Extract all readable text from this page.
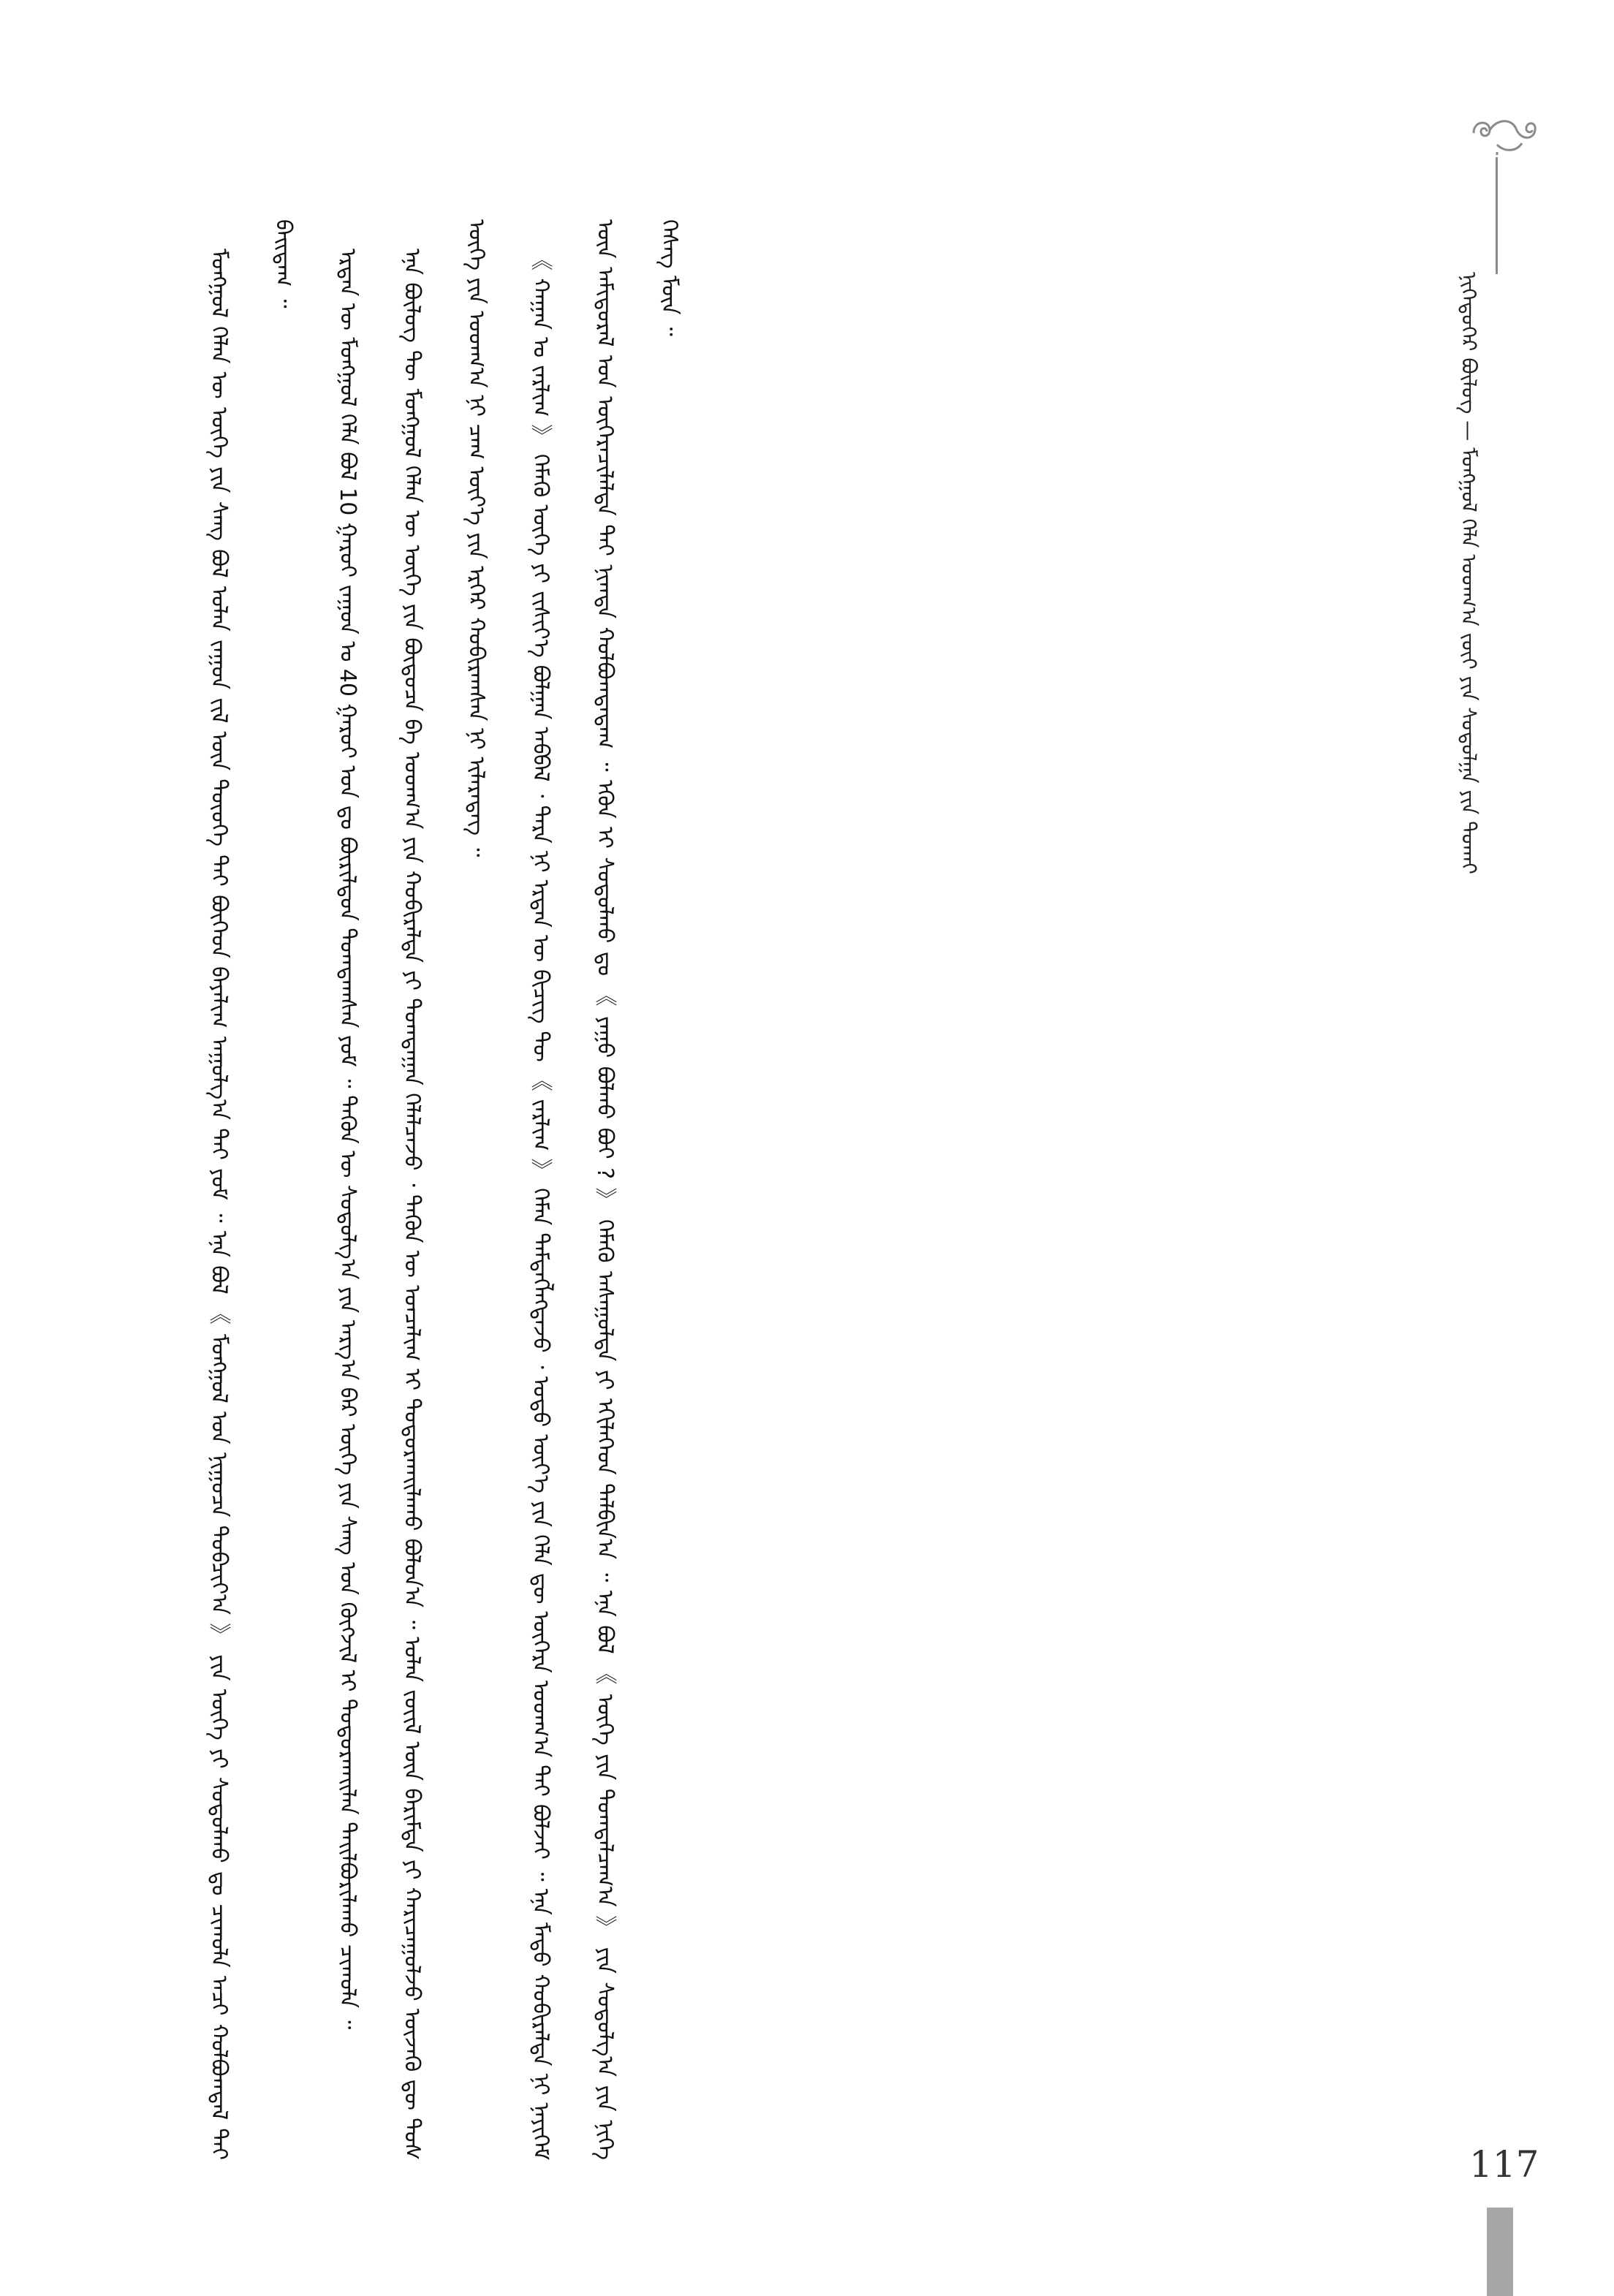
ᠨᠢᠭᠡᠳᠦᠭᠡᠷ ᠪᠦᠯᠦᠭ — ᠮᠣᠩᠭᠣᠯ ᠬᠡᠯᠡ ᠤᠳᠬ᠎ᠠ ᠵᠦᠢ ᠶᠢᠨ ᠰᠤᠳᠤᠯᠭᠠ ᠶᠢᠨ ᠲᠤᠬᠠᠢ

ᠮᠣᠩᠭᠣᠯ ᠬᠡᠯᠡᠨ ᠦ ᠦᠭᠡ ᠶᠢᠨ ᠰᠠᠩ ᠪᠣᠯ ᠣᠯᠠᠨ ᠵᠠᠭᠤᠨ ᠵᠢᠯ ᠦᠨ ᠲᠦᠦᠬᠡ ᠲᠠᠢ ᠪᠥᠭᠡᠳ ᠪᠠᠶᠠᠯᠢᠭ ᠠᠭᠤᠯᠭ᠎ᠠ ᠲᠠᠢ ᠶᠤᠮ ᠃ ᠡᠨᠡ ᠪᠣᠯ 《 ᠮᠣᠩᠭᠣᠯ ᠤᠨ ᠨᠢᠭᠤᠴᠠ ᠲᠣᠪᠴᠢᠶ᠎ᠠ 》 ᠶᠢᠨ ᠦᠭᠡ ᠶᠢ ᠰᠤᠳᠤᠯᠬᠤ ᠳᠤ ᠴᠢᠬᠤᠯᠠ ᠠᠴᠢ ᠬᠣᠯᠪᠣᠭᠳᠠᠯ ᠲᠠᠢ ᠪᠠᠢᠳᠠᠭ ᠃	ᠡᠷᠲᠡᠨ ᠦ ᠮᠣᠩᠭᠣᠯ ᠬᠡᠯᠡ ᠪᠣᠯ 10 ᠭᠠᠷᠤᠢ ᠵᠠᠭᠤᠨ ᠤ 40 ᠭᠠᠷᠤᠢ ᠣᠨ ᠳᠤ ᠪᠦᠷᠢᠯᠳᠦᠨ ᠲᠣᠭᠲᠠᠭᠰᠠᠨ ᠶᠤᠮ ᠃ ᠲᠡᠭᠦᠨ ᠦ ᠰᠤᠳᠤᠯᠭ᠎ᠠ ᠶᠢᠨ ᠠᠷᠭ᠎ᠠ ᠪᠠᠷ ᠦᠭᠡ ᠶᠢᠨ ᠰᠠᠩ ᠤᠨ ᠬᠥᠭᠵᠢᠯ ᠢ ᠲᠣᠳᠣᠷᠬᠠᠢᠯᠠᠨ ᠲᠠᠢᠯᠪᠤᠷᠢᠯᠠᠬᠤ ᠴᠢᠬᠤᠯᠠ ᠃	ᠡᠨᠡ ᠪᠦᠯᠦᠭ ᠲᠦ ᠮᠣᠩᠭᠣᠯ ᠬᠡᠯᠡᠨ ᠦ ᠦᠭᠡ ᠶᠢᠨ ᠪᠦᠲᠦᠴᠡ ᠪᠠ ᠤᠳᠬ᠎ᠠ ᠶᠢᠨ ᠬᠤᠪᠢᠷᠠᠯᠲᠠ ᠶᠢ ᠲᠣᠭᠲᠠᠭᠠᠨ ᠬᠡᠯᠡᠯᠴᠡᠵᠦ ᠂ ᠲᠡᠭᠦᠨ ᠦ ᠣᠨᠴᠠᠯᠢᠭ ᠢ ᠲᠣᠳᠣᠷᠬᠠᠢᠯᠠᠬᠤ ᠪᠣᠯᠤᠨ᠎ᠠ ᠃ ᠣᠯᠠᠨ ᠵᠦᠢᠯ ᠦᠨ ᠪᠠᠷᠢᠮᠲᠠ ᠶᠢ ᠬᠠᠷᠢᠴᠠᠭᠤᠯᠵᠤ ᠦᠵᠡᠬᠦ ᠳᠦ ᠲᠤᠰ ᠦᠭᠡ ᠶᠢᠨ ᠤᠳᠬ᠎ᠠ ᠨᠢ ᠴᠠᠭ ᠦᠶ᠎ᠡ ᠶᠢᠨ ᠡᠷᠬᠡᠷ ᠬᠤᠪᠢᠷᠠᠭᠰᠠᠨ ᠨᠢ ᠢᠯᠡᠷᠡᠳᠡᠭ ᠃	《 ᠬᠠᠭᠠᠨ ᠤ ᠵᠠᠷᠯᠢᠭ 》 ᠬᠡᠮᠡᠬᠦ ᠦᠭᠡ ᠶᠢ ᠵᠢᠱᠢᠶ᠎ᠡ ᠪᠣᠯᠭᠠᠨ ᠠᠪᠪᠠᠯ ᠂ ᠲᠡᠷᠡ ᠨᠢ ᠡᠷᠲᠡᠨ ᠦ ᠪᠢᠴᠢᠭ ᠲᠦ 《 ᠵᠠᠷᠯᠢᠭ 》 ᠬᠡᠮᠡᠨ ᠲᠡᠮᠳᠡᠭᠯᠡᠭᠳᠡᠵᠦ ᠂ ᠣᠳᠣ ᠦᠶ᠎ᠡ ᠶᠢᠨ ᠬᠡᠯᠡ ᠳᠦ ᠥᠭᠡᠷᠡ ᠤᠳᠬ᠎ᠠ ᠲᠠᠢ ᠪᠣᠯᠵᠠᠢ ᠃ ᠡᠨᠡ ᠮᠡᠲᠦ ᠬᠤᠪᠢᠷᠠᠯᠲᠠ ᠨᠢ ᠨᠡᠶᠢᠭᠡᠮ ᠦᠨ ᠠᠮᠢᠳᠤᠷᠠᠯ ᠤᠨ ᠥᠭᠡᠷᠡᠴᠢᠯᠡᠯᠲᠡ ᠲᠠᠢ ᠨᠢᠭᠲᠠ ᠬᠣᠯᠪᠣᠭᠳᠠᠳᠠᠭ ᠃ ᠡᠭᠦᠨ ᠢ ᠰᠤᠳᠤᠯᠬᠤ ᠳᠤ 《 ᠶᠠᠭᠤ ᠪᠣᠯᠬᠤ ᠪᠤᠢ ? 》 ᠬᠡᠮᠡᠬᠦ ᠠᠰᠠᠭᠤᠯᠲᠠ ᠶᠢ ᠡᠬᠢᠯᠡᠭᠡᠳ ᠲᠠᠯᠪᠢᠨ᠎ᠠ ᠃ ᠡᠨᠡ ᠪᠣᠯ 《 ᠦᠭᠡ ᠶᠢᠨ ᠲᠣᠭᠲᠠᠯᠴᠠᠭ᠎ᠠ 》 ᠶᠢᠨ ᠰᠤᠳᠤᠯᠭ᠎ᠠ ᠶᠢᠨ ᠨᠢᠭᠡ ᠬᠡᠰᠡᠭ ᠮᠥᠨ ᠃

117
